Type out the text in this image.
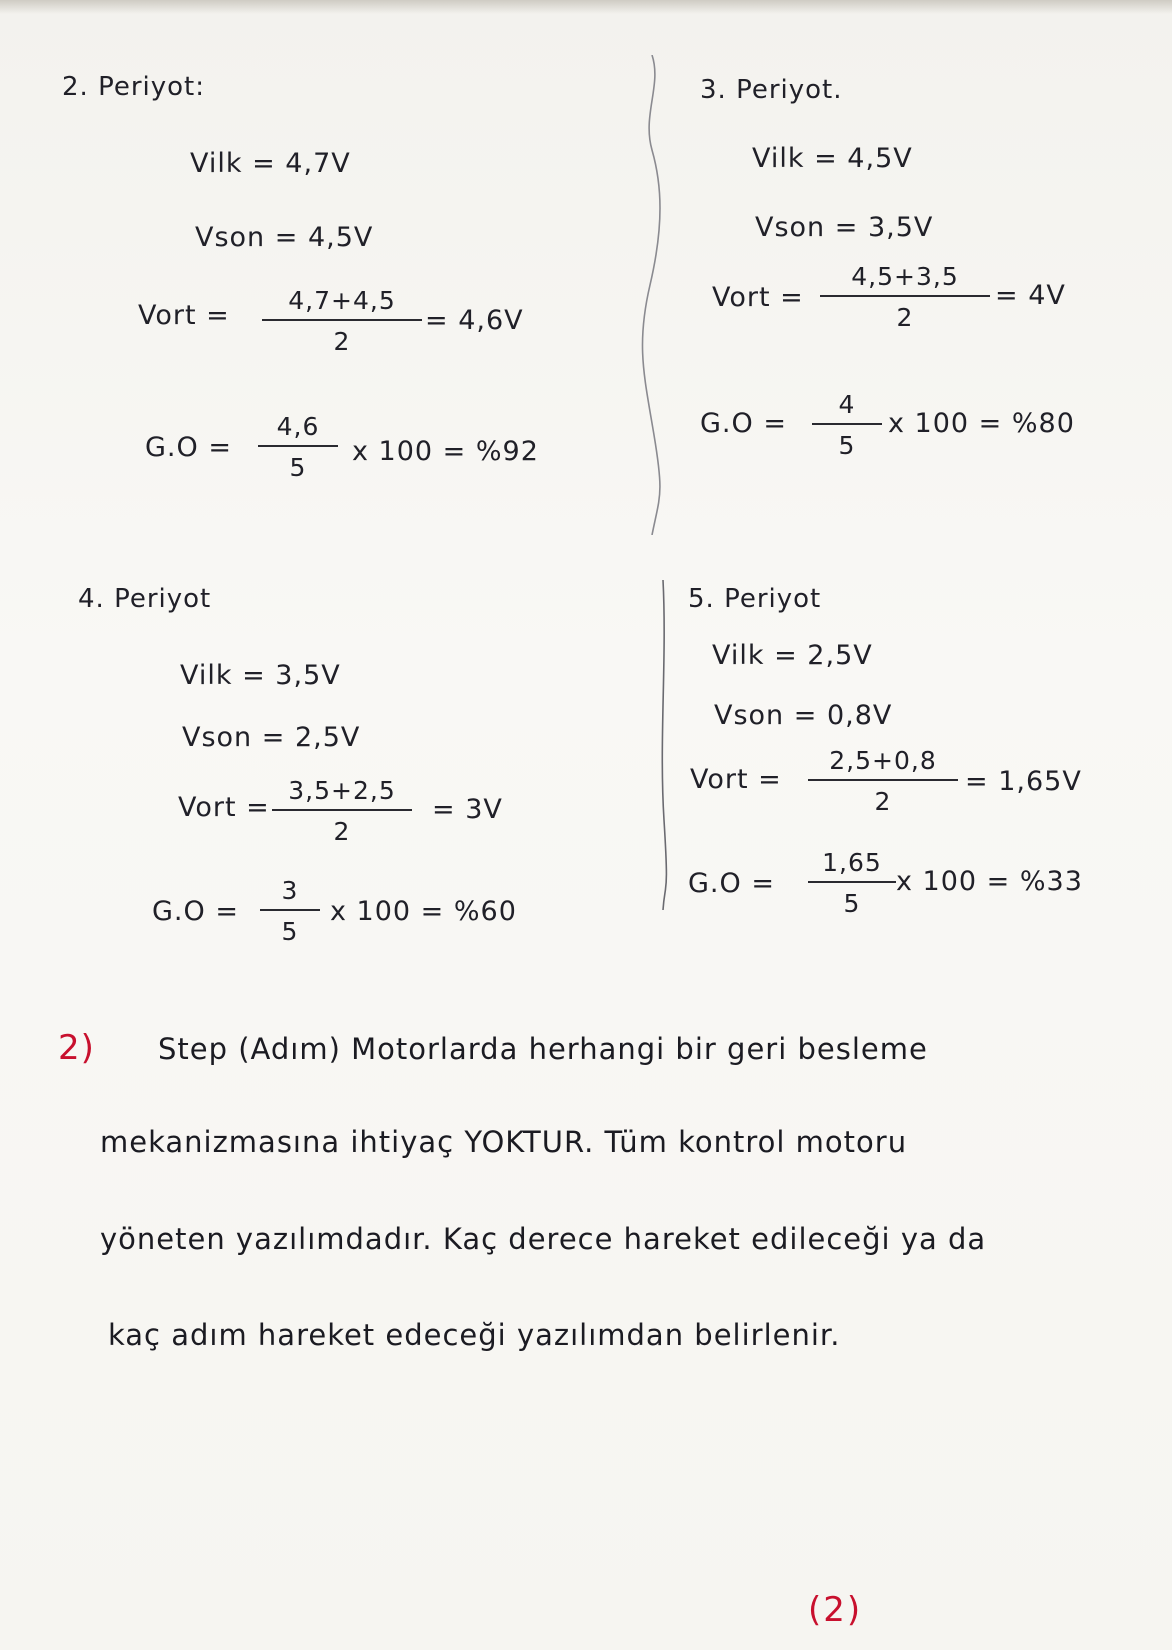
2. Periyot:
Vilk = 4,7V
Vson = 4,5V
Vort = 4,7+4,5
2
= 4,6V
G.O =
4,6
5
x 100 = %92
3. Periyot.
Vilk = 4,5V
Vson = 3,5V
Vort =
4,5+3,5
2
= 4V
G.O =
4
5
x 100 = %80
4. Periyot
Vilk = 3,5V
Vson = 2,5V
Vort =
3,5+2,5
2
= 3V
G.O =
3
5
x 100 = %60
5. Periyot
Vilk = 2,5V
Vson = 0,8V
Vort =
2,5+0,8
2
= 1,65V
G.O =
1,65
5
x 100 = %33
2) Step (Adım) Motorlarda herhangi bir geri besleme
mekanizmasına ihtiyaç YOKTUR. Tüm kontrol motoru
yöneten yazılımdadır. Kaç derece hareket edileceği ya da
kaç adım hareket edeceği yazılımdan belirlenir.
(2)
